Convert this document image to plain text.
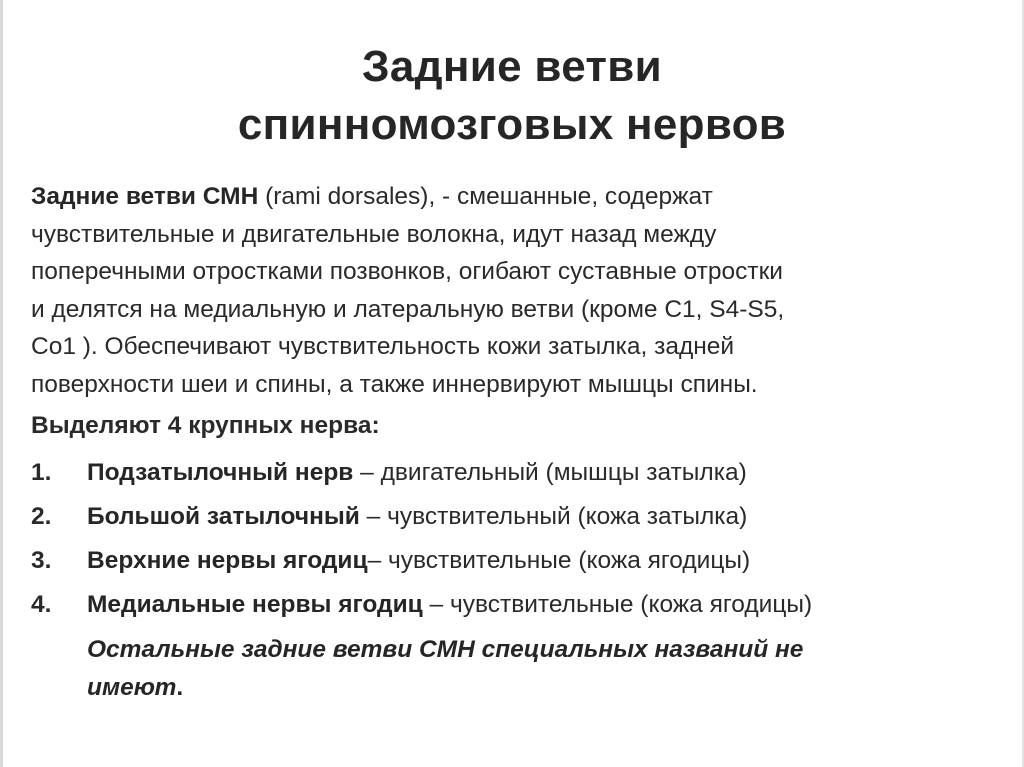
Задние ветви
спинномозговых нервов
Задние ветви СМН (rami dorsales), - смешанные, содержат
чувствительные и двигательные волокна, идут назад между
поперечными отростками позвонков, огибают суставные отростки
и делятся на медиальную и латеральную ветви (кроме C1, S4-S5,
Co1 ). Обеспечивают чувствительность кожи затылка, задней
поверхности шеи и спины, а также иннервируют мышцы спины.
Выделяют 4 крупных нерва:
1. Подзатылочный нерв – двигательный (мышцы затылка)
2. Большой затылочный – чувствительный (кожа затылка)
3. Верхние нервы ягодиц– чувствительные (кожа ягодицы)
4. Медиальные нервы ягодиц – чувствительные (кожа ягодицы)
Остальные задние ветви СМН специальных названий не
имеют.
